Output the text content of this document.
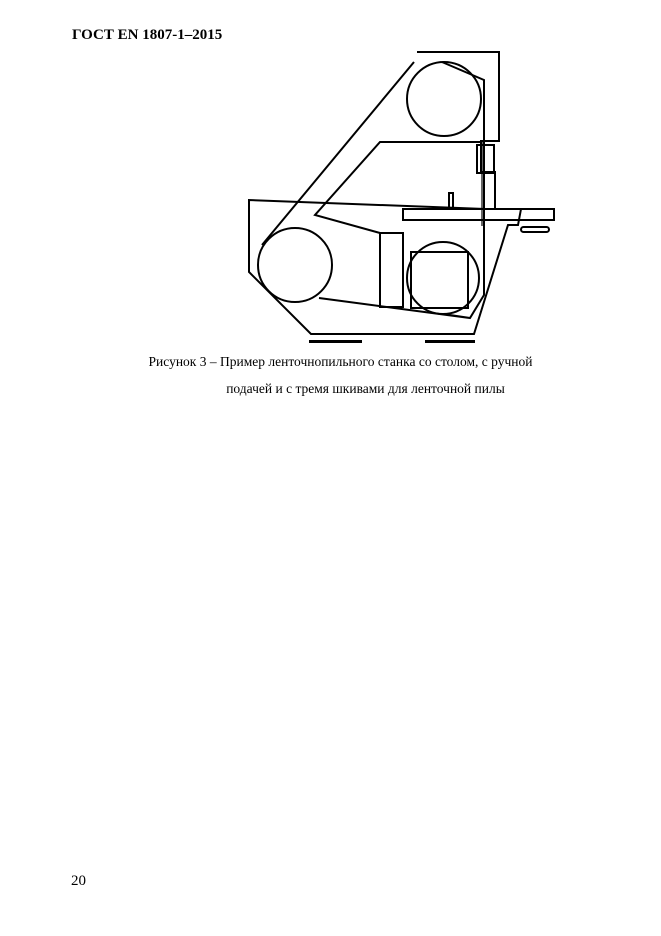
ГОСТ EN 1807-1–2015
Рисунок 3 – Пример ленточнопильного станка со столом, с ручной
подачей и с тремя шкивами для ленточной пилы
20
